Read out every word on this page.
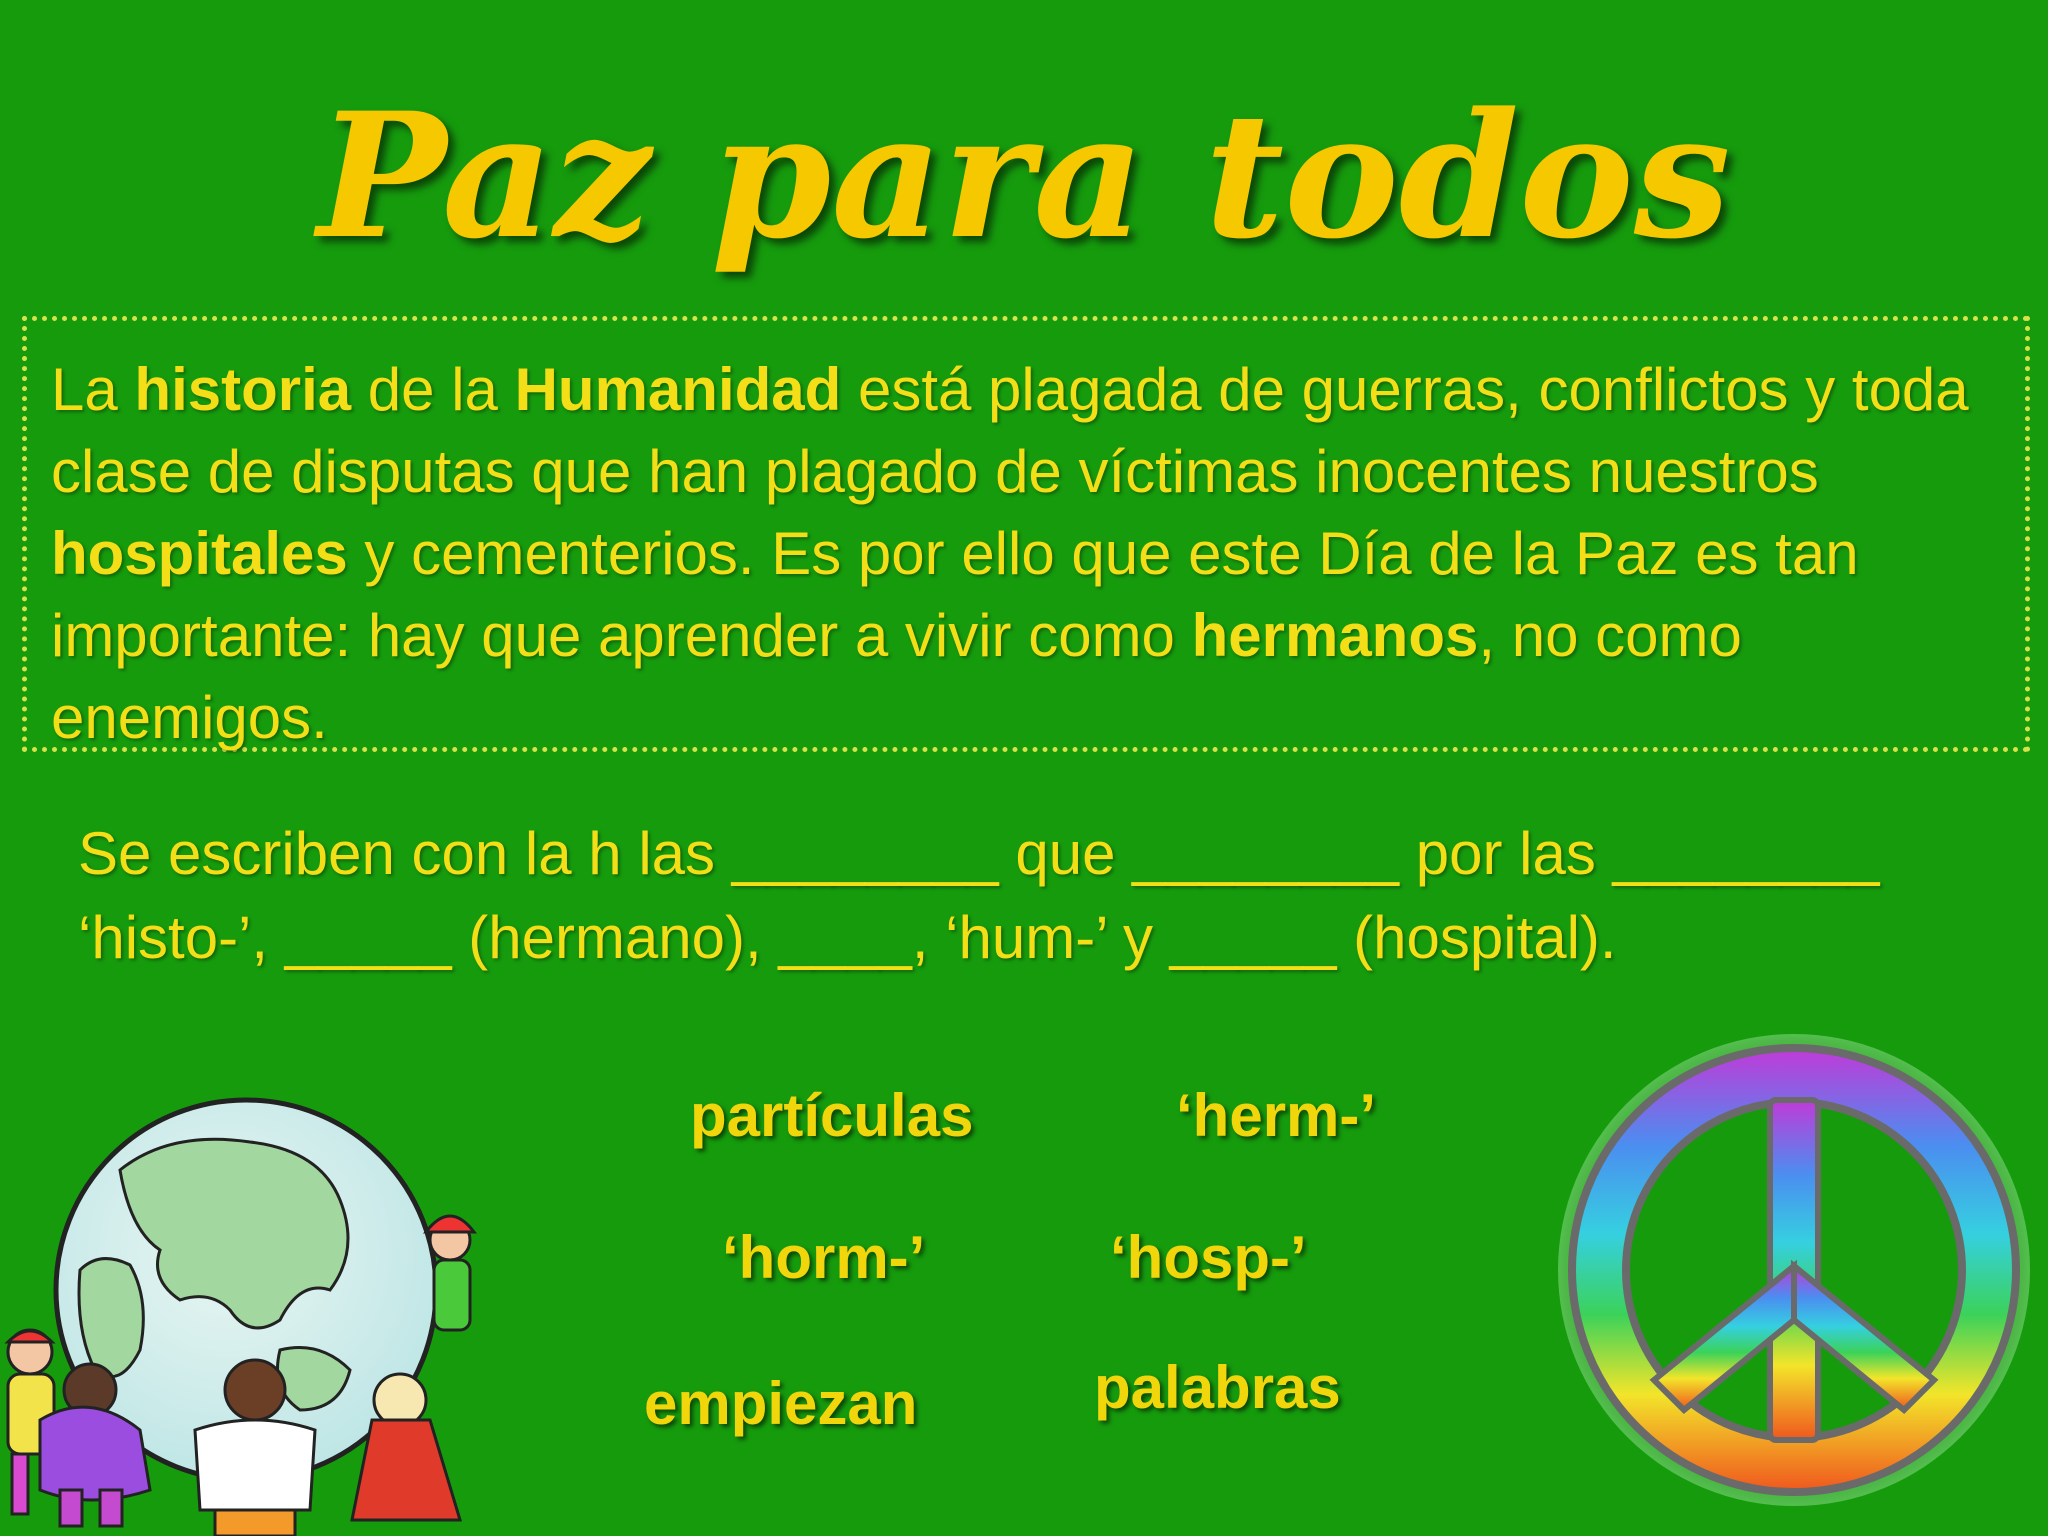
Paz para todos
La historia de la Humanidad está plagada de guerras, conflictos y toda clase de disputas que han plagado de víctimas inocentes nuestros hospitales y cementerios. Es por ello que este Día de la Paz es tan importante: hay que aprender a vivir como hermanos, no como enemigos.
Se escriben con la h las ________ que ________ por las ________ ‘histo-’, _____ (hermano), ____, ‘hum-’ y _____ (hospital).
partículas	‘herm-’
‘horm-’	‘hosp-’
empiezan	palabras
